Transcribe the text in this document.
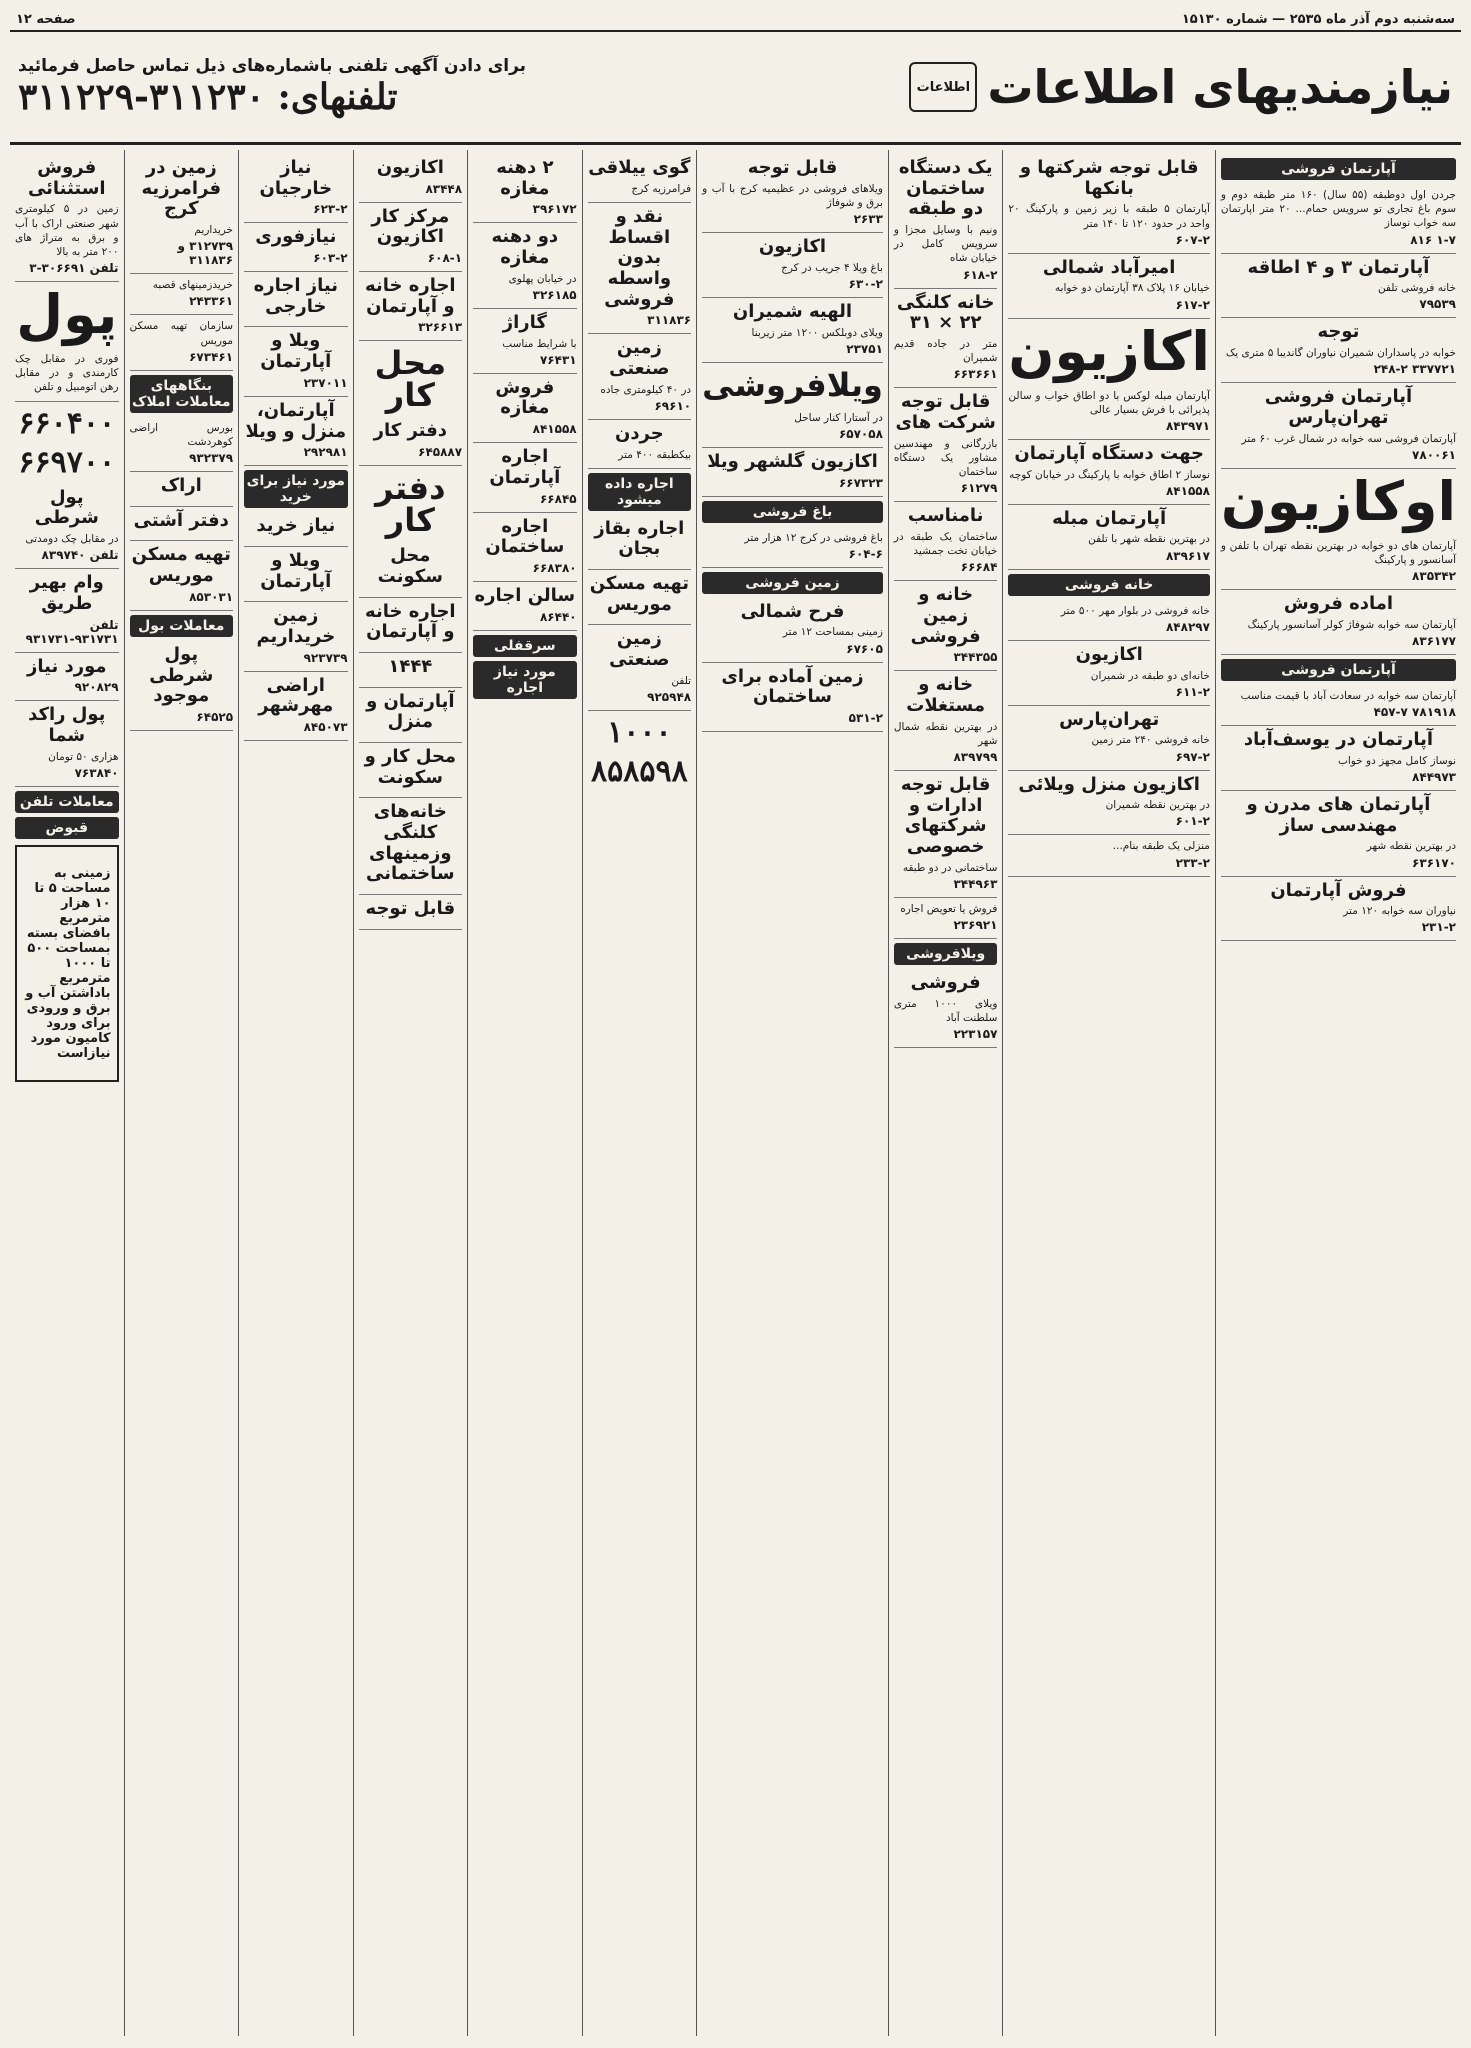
سه‌شنبه دوم آذر ماه ۲۵۳۵ — شماره ۱۵۱۳۰
صفحه ۱۲
نیازمندیهای اطلاعات
اطلاعات
برای دادن آگهی تلفنی باشماره‌های ذیل تماس حاصل فرمائید
تلفنهای: ۳۱۱۲۳۰-۳۱۱۲۲۹
آپارتمان فروشی

جردن اول دوطبقه (۵۵ سال) ۱۶۰ متر طبقه دوم و سوم باغ تجاری تو سرویس حمام... ۲۰ متر اپارتمان سه خواب نوساز

۱-۷ ۸۱۶
آپارتمان ۳ و ۴ اطاقه

خانه فروشی تلفن

۷۹۵۳۹
توجه

خوابه در پاسداران شمیران نیاوران گاندیبا ۵ متری یک

۳۳۷۷۲۱ ۲۴۸-۲
آپارتمان فروشی تهران‌پارس

آپارتمان فروشی سه خوابه در شمال غرب ۶۰ متر

۷۸۰۰۶۱
اوکازیون

آپارتمان های دو خوابه در بهترین نقطه تهران با تلفن و آسانسور و پارکینگ

۸۳۵۳۴۲
اماده فروش

آپارتمان سه خوابه شوفاژ کولر آسانسور پارکینگ

۸۳۶۱۷۷
آپارتمان فروشی

آپارتمان سه خوابه در سعادت آباد با قیمت مناسب

۷۸۱۹۱۸ ۴۵۷-۷
آپارتمان در یوسف‌آباد

نوساز کامل مجهز دو خواب

۸۴۴۹۷۳
آپارتمان های مدرن و مهندسی ساز

در بهترین نقطه شهر

۶۳۶۱۷۰
فروش آپارتمان

نیاوران سه خوابه ۱۲۰ متر

۲۳۱-۲
قابل توجه شرکتها و بانکها

آپارتمان ۵ طبقه با زیر زمین و پارکینگ ۲۰ واحد در حدود ۱۲۰ تا ۱۴۰ متر

۶۰۷-۲
امیرآباد شمالی

خیابان ۱۶ پلاک ۳۸ آپارتمان دو خوابه

۶۱۷-۲
اکازیون

آپارتمان مبله لوکس با دو اطاق خواب و سالن پذیرائی با فرش بسیار عالی

۸۴۳۹۷۱
جهت دستگاه آپارتمان

نوساز ۲ اطاق خوابه با پارکینگ در خیابان کوچه

۸۴۱۵۵۸
آپارتمان مبله

در بهترین نقطه شهر با تلفن

۸۳۹۶۱۷
خانه فروشی

خانه فروشی در بلوار مهر ۵۰۰ متر

۸۴۸۲۹۷
اکازیون

خانه‌ای دو طبقه در شمیران

۶۱۱-۲
تهران‌پارس

خانه فروشی ۲۴۰ متر زمین

۶۹۷-۲
اکازیون منزل ویلائی

در بهترین نقطه شمیران

۶۰۱-۲

منزلی یک طبقه بنام...

۲۳۳-۲
یک دستگاه ساختمان دو طبقه

ونیم با وسایل مجزا و سرویس کامل در خیابان شاه

۶۱۸-۲
خانه کلنگی ۲۲ × ۳۱

متر در جاده قدیم شمیران

۶۶۳۶۶۱
قابل توجه شرکت های

بازرگانی و مهندسین مشاور یک دستگاه ساختمان

۶۱۲۷۹
نامناسب

ساختمان یک طبقه در خیابان تخت جمشید

۶۶۶۸۴
خانه و زمین فروشی
۳۴۴۳۵۵
خانه و مستغلات

در بهترین نقطه شمال شهر

۸۳۹۷۹۹
قابل توجه ادارات و شرکتهای خصوصی

ساختمانی در دو طبقه

۳۴۴۹۶۳

فروش یا تعویض اجاره

۲۳۶۹۲۱
ویلافروشی
فروشی

ویلای ۱۰۰۰ متری سلطنت آباد

۲۲۳۱۵۷
قابل توجه

ویلاهای فروشی در عظیمیه کرج با آب و برق و شوفاژ

۲۶۳۳
اکازیون

باغ ویلا ۴ جریب در کرج

۶۳۰-۲
الهیه شمیران

ویلای دوبلکس ۱۲۰۰ متر زیربنا

۲۳۷۵۱
ویلافروشی

در آستارا کنار ساحل

۶۵۷۰۵۸
اکازیون گلشهر ویلا
۶۶۷۳۲۳
باغ فروشی

باغ فروشی در کرج ۱۲ هزار متر

۶۰۴-۶
زمین فروشی
فرح شمالی

زمینی بمساحت ۱۲ متر

۶۷۶۰۵
زمین آماده برای ساختمان
۵۳۱-۲
گوی ییلاقی

فرامرزیه کرج

نقد و اقساط بدون واسطه فروشی
۳۱۱۸۳۶
زمین صنعتی

در ۴۰ کیلومتری جاده

۶۹۶۱۰
جردن

بیکطبقه ۴۰۰ متر

اجاره داده میشود
اجاره بقاز بجان
تهیه مسکن موریس
زمین صنعتی

تلفن

۹۲۵۹۴۸
۱۰۰۰
۸۵۸۵۹۸
۲ دهنه مغازه
۳۹۶۱۷۲
دو دهنه مغازه

در خیابان پهلوی

۳۲۶۱۸۵
گاراژ

با شرایط مناسب

۷۶۴۳۱
فروش مغازه
۸۴۱۵۵۸
اجاره آپارتمان
۶۶۸۴۵
اجاره ساختمان
۶۶۸۳۸۰
سالن اجاره
۸۶۴۴۰
سرقفلی
مورد نیاز اجاره
اکازیون
۸۳۴۴۸
مرکز کار اکازیون
۶۰۸-۱
اجاره خانه و آپارتمان
۳۲۶۶۱۳
محل کار
دفتر کار
۶۴۵۸۸۷
دفتر کار
محل سکونت
اجاره خانه و آپارتمان
۱۴۴۴
آپارتمان و منزل
محل کار و سکونت
خانه‌های کلنگی وزمینهای ساختمانی
قابل توجه
نیاز خارجیان
۶۲۳-۲
نیازفوری
۶۰۳-۲
نیاز اجاره خارجی
ویلا و آپارتمان
۲۳۷۰۱۱
آپارتمان، منزل و ویلا
۲۹۲۹۸۱
مورد نیاز برای خرید
نیاز خرید
ویلا و آپارتمان
زمین خریداریم
۹۲۳۷۳۹
اراضی مهرشهر
۸۴۵۰۷۳
زمین در فرامرزیه کرج

خریداریم

۳۱۲۷۳۹ و ۳۱۱۸۳۶

خریدزمینهای قصبه

۲۴۳۳۶۱

سازمان تهیه مسکن موریس

۶۷۳۴۶۱
بنگاههای معاملات املاک

بورس اراضی کوهردشت

۹۳۲۳۷۹
اراک
دفتر آشتی
تهیه مسکن موریس
۸۵۳۰۳۱
معاملات بول
پول شرطی موجود
۶۴۵۲۵
فروش استثنائی

زمین در ۵ کیلومتری شهر صنعتی اراک با آب و برق به متراژ های ۲۰۰ متر به بالا

تلفن ۳۰۶۶۹۱-۳
پول

فوری در مقابل چک کارمندی و در مقابل رهن اتومبیل و تلفن

۶۶۰۴۰۰
۶۶۹۷۰۰
پول شرطی

در مقابل چک دومدتی

تلفن ۸۳۹۷۴۰
وام بهیر طریق
تلفن ۹۳۱۷۳۱-۹۳۱۷۳۱
مورد نیاز
۹۲۰۸۲۹
پول راکد شما

هزاری ۵۰ تومان

۷۶۳۸۴۰
معاملات تلفن
قبوض

زمینی به مساحت ۵ تا ۱۰ هزار مترمربع بافضای بسته بمساحت ۵۰۰ تا ۱۰۰۰ مترمربع باداشتن آب و برق و ورودی برای ورود کامیون مورد نیازاست
